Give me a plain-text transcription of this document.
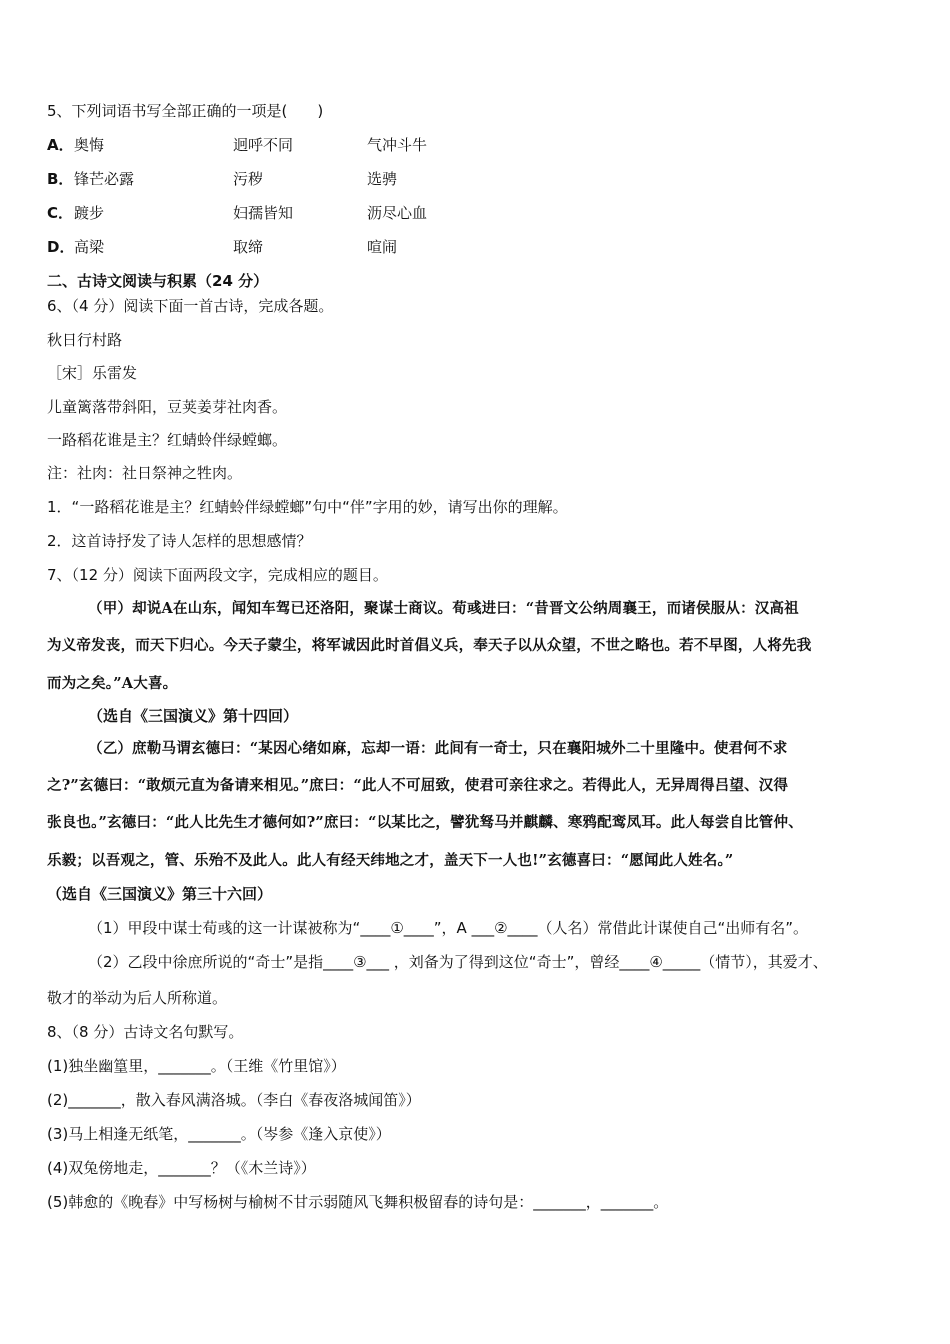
5、下列词语书写全部正确的一项是(　　)
A． 奥悔	迥呼不同	气冲斗牛
B． 锋芒必露	污秽	选骋
C． 踱步	妇孺皆知	沥尽心血
D． 高梁	取缔	喧闹
二、古诗文阅读与积累（24 分）
6、（4 分）阅读下面一首古诗，完成各题。
秋日行村路
［宋］乐雷发
儿童篱落带斜阳，豆荚姜芽社肉香。
一路稻花谁是主？红蜻蛉伴绿螳螂。
注：社肉：社日祭神之牲肉。
1．“一路稻花谁是主？红蜻蛉伴绿螳螂”句中“伴”字用的妙，请写出你的理解。
2．这首诗抒发了诗人怎样的思想感情？
7、（12 分）阅读下面两段文字，完成相应的题目。
（甲）却说A在山东，闻知车驾已还洛阳，聚谋士商议。荀彧进曰：“昔晋文公纳周襄王，而诸侯服从：汉高祖
为义帝发丧，而天下归心。今天子蒙尘，将军诚因此时首倡义兵，奉天子以从众望，不世之略也。若不早图，人将先我
而为之矣。”A大喜。
（选自《三国演义》第十四回）
（乙）庶勒马谓玄德曰：“某因心绪如麻，忘却一语：此间有一奇士，只在襄阳城外二十里隆中。使君何不求
之?”玄德曰：“敢烦元直为备请来相见。”庶曰：“此人不可屈致，使君可亲往求之。若得此人，无异周得吕望、汉得
张良也。”玄德曰：“此人比先生才德何如?”庶曰：“以某比之，譬犹驽马并麒麟、寒鸦配鸾凤耳。此人每尝自比管仲、
乐毅；以吾观之，管、乐殆不及此人。此人有经天纬地之才，盖天下一人也!”玄德喜曰：“愿闻此人姓名。”
（选自《三国演义》第三十六回）
（1）甲段中谋士荀彧的这一计谋被称为“____①____”，A ___②____（人名）常借此计谋使自己“出师有名”。
（2）乙段中徐庶所说的“奇士”是指____③___ ，刘备为了得到这位“奇士”，曾经____④_____（情节），其爱才、
敬才的举动为后人所称道。
8、（8 分）古诗文名句默写。
(1)独坐幽篁里，_______。（王维《竹里馆》）
(2)_______，散入春风满洛城。（李白《春夜洛城闻笛》）
(3)马上相逢无纸笔，_______。（岑参《逢入京使》）
(4)双兔傍地走，_______？（《木兰诗》）
(5)韩愈的《晚春》中写杨树与榆树不甘示弱随风飞舞积极留春的诗句是：_______，_______。
